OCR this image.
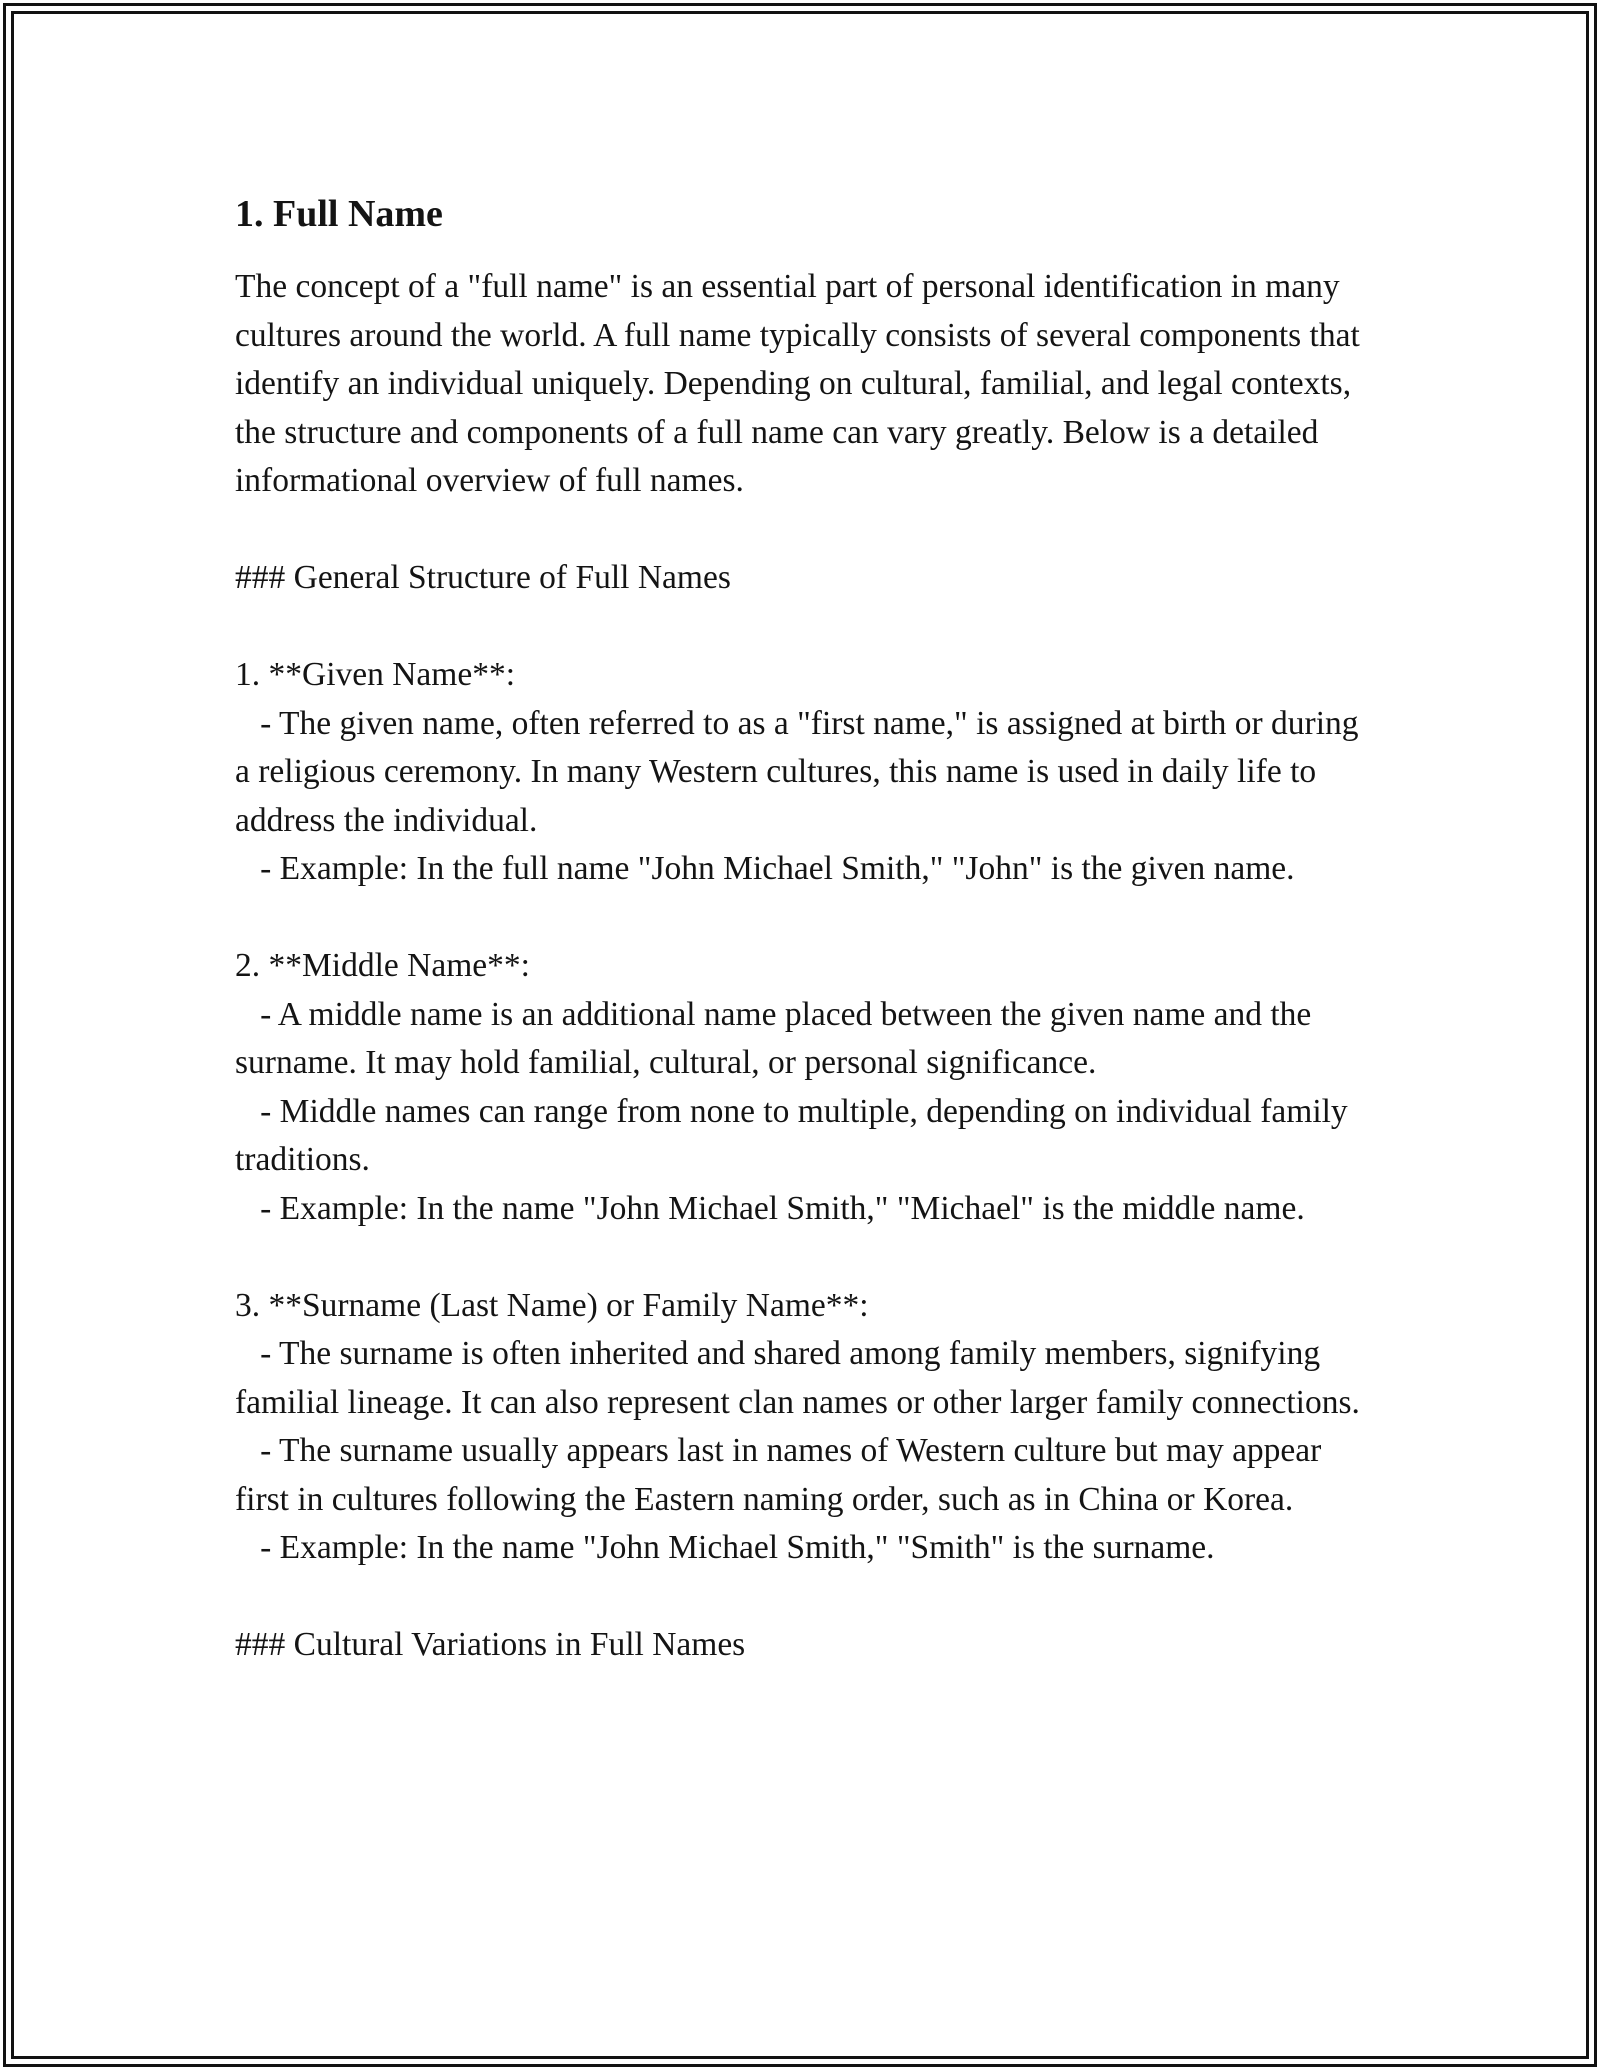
1. Full Name

The concept of a "full name" is an essential part of personal identification in many cultures around the world. A full name typically consists of several components that identify an individual uniquely. Depending on cultural, familial, and legal contexts, the structure and components of a full name can vary greatly. Below is a detailed informational overview of full names.

### General Structure of Full Names

1. **Given Name**:

- The given name, often referred to as a "first name," is assigned at birth or during a religious ceremony. In many Western cultures, this name is used in daily life to address the individual.

- Example: In the full name "John Michael Smith," "John" is the given name.

2. **Middle Name**:

- A middle name is an additional name placed between the given name and the surname. It may hold familial, cultural, or personal significance.

- Middle names can range from none to multiple, depending on individual family traditions.

- Example: In the name "John Michael Smith," "Michael" is the middle name.

3. **Surname (Last Name) or Family Name**:

- The surname is often inherited and shared among family members, signifying familial lineage. It can also represent clan names or other larger family connections.

- The surname usually appears last in names of Western culture but may appear first in cultures following the Eastern naming order, such as in China or Korea.

- Example: In the name "John Michael Smith," "Smith" is the surname.

### Cultural Variations in Full Names
